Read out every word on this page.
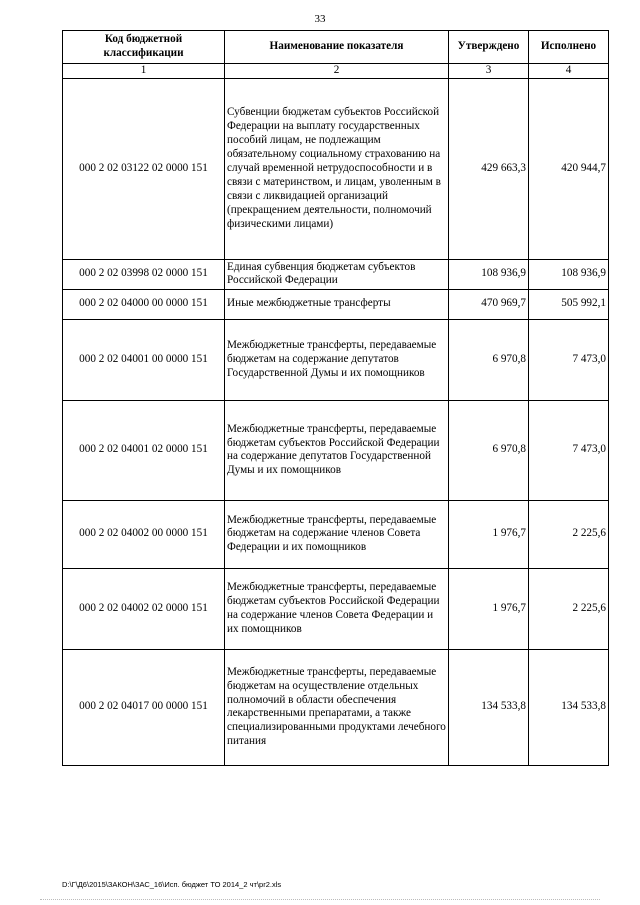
33
Код бюджетной классификации	Наименование показателя	Утверждено	Исполнено
1	2	3	4
000 2 02 03122 02 0000 151	Субвенции бюджетам субъектов Российской Федерации на выплату государственных пособий лицам, не подлежащим обязательному социальному страхованию на случай временной нетрудоспособности и в связи с материнством, и лицам, уволенным в связи с ликвидацией организаций (прекращением деятельности, полномочий физическими лицами)	429 663,3	420 944,7
000 2 02 03998 02 0000 151	Единая субвенция бюджетам субъектов Российской Федерации	108 936,9	108 936,9
000 2 02 04000 00 0000 151	Иные межбюджетные трансферты	470 969,7	505 992,1
000 2 02 04001 00 0000 151	Межбюджетные трансферты, передаваемые бюджетам на содержание депутатов Государственной Думы и их помощников	6 970,8	7 473,0
000 2 02 04001 02 0000 151	Межбюджетные трансферты, передаваемые бюджетам субъектов Российской Федерации на содержание депутатов Государственной Думы и их помощников	6 970,8	7 473,0
000 2 02 04002 00 0000 151	Межбюджетные трансферты, передаваемые бюджетам на содержание членов Совета Федерации и их помощников	1 976,7	2 225,6
000 2 02 04002 02 0000 151	Межбюджетные трансферты, передаваемые бюджетам субъектов Российской Федерации на содержание членов Совета Федерации и их помощников	1 976,7	2 225,6
000 2 02 04017 00 0000 151	Межбюджетные трансферты, передаваемые бюджетам на осуществление отдельных полномочий в области обеспечения лекарственными препаратами, а также специализированными продуктами лечебного питания	134 533,8	134 533,8
D:\Г\Д6\2015\ЗАКОН\ЗАС_16\Исп. бюджет ТО 2014_2 чт\pr2.xls
